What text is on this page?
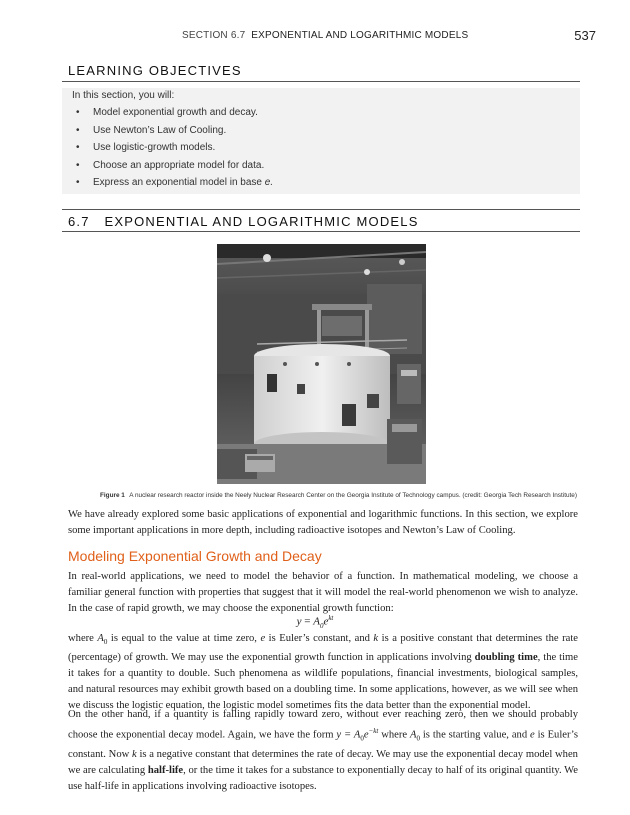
SECTION 6.7 EXPONENTIAL AND LOGARITHMIC MODELS	537
LEARNING OBJECTIVES
In this section, you will:
• Model exponential growth and decay.
• Use Newton’s Law of Cooling.
• Use logistic-growth models.
• Choose an appropriate model for data.
• Express an exponential model in base e.
6.7 EXPONENTIAL AND LOGARITHMIC MODELS
Figure 1 A nuclear research reactor inside the Neely Nuclear Research Center on the Georgia Institute of Technology campus. (credit: Georgia Tech Research Institute)
We have already explored some basic applications of exponential and logarithmic functions. In this section, we explore some important applications in more depth, including radioactive isotopes and Newton’s Law of Cooling.
Modeling Exponential Growth and Decay
In real-world applications, we need to model the behavior of a function. In mathematical modeling, we choose a familiar general function with properties that suggest that it will model the real-world phenomenon we wish to analyze. In the case of rapid growth, we may choose the exponential growth function:
$y = A_0e^{kt}$
where $A_0$ is equal to the value at time zero, e is Euler’s constant, and k is a positive constant that determines the rate (percentage) of growth. We may use the exponential growth function in applications involving doubling time, the time it takes for a quantity to double. Such phenomena as wildlife populations, financial investments, biological samples, and natural resources may exhibit growth based on a doubling time. In some applications, however, as we will see when we discuss the logistic equation, the logistic model sometimes fits the data better than the exponential model.
On the other hand, if a quantity is falling rapidly toward zero, without ever reaching zero, then we should probably choose the exponential decay model. Again, we have the form $y = A_0e^{-kt}$ where $A_0$ is the starting value, and e is Euler’s constant. Now k is a negative constant that determines the rate of decay. We may use the exponential decay model when we are calculating half-life, or the time it takes for a substance to exponentially decay to half of its original quantity. We use half-life in applications involving radioactive isotopes.
